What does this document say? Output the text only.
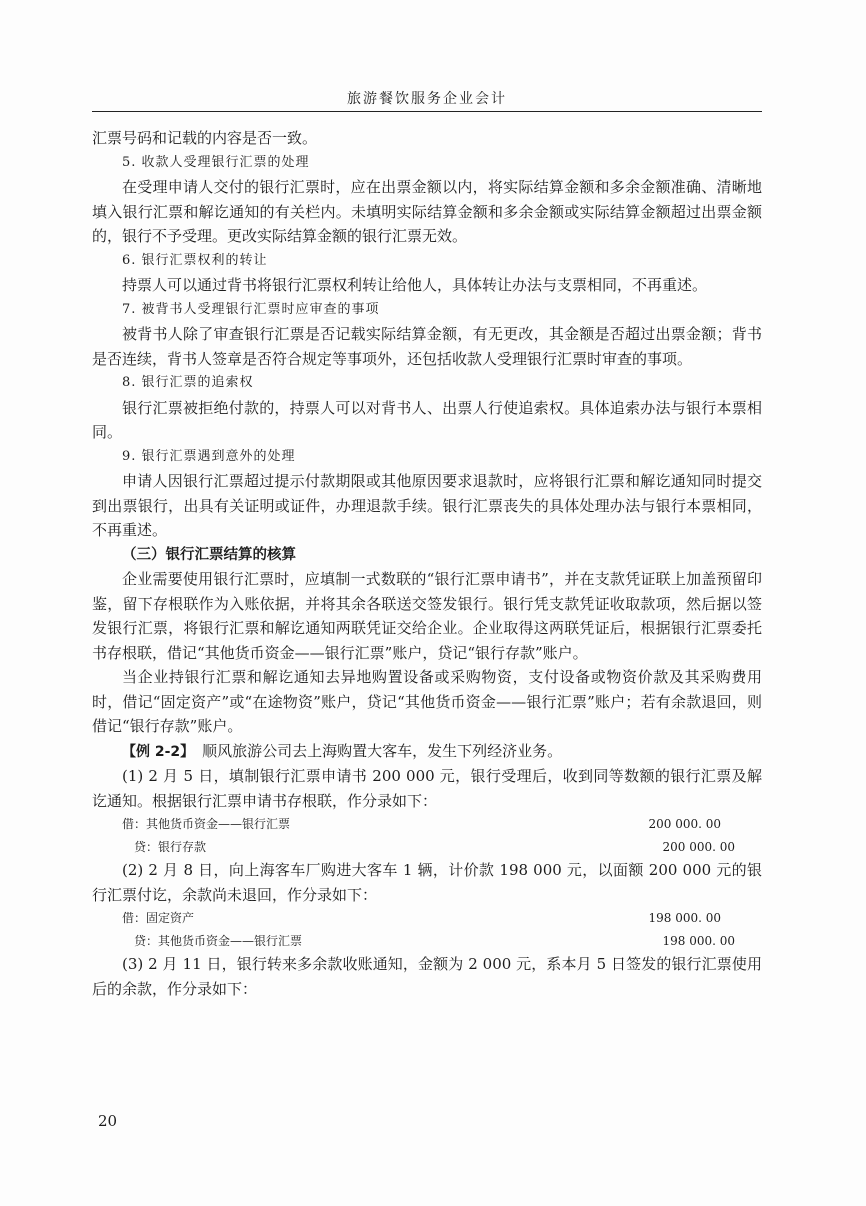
旅游餐饮服务企业会计

汇票号码和记载的内容是否一致。

5. 收款人受理银行汇票的处理

在受理申请人交付的银行汇票时，应在出票金额以内，将实际结算金额和多余金额准确、清晰地填入银行汇票和解讫通知的有关栏内。未填明实际结算金额和多余金额或实际结算金额超过出票金额的，银行不予受理。更改实际结算金额的银行汇票无效。

6. 银行汇票权利的转让

持票人可以通过背书将银行汇票权利转让给他人，具体转让办法与支票相同，不再重述。

7. 被背书人受理银行汇票时应审查的事项

被背书人除了审查银行汇票是否记载实际结算金额，有无更改，其金额是否超过出票金额；背书是否连续，背书人签章是否符合规定等事项外，还包括收款人受理银行汇票时审查的事项。

8. 银行汇票的追索权

银行汇票被拒绝付款的，持票人可以对背书人、出票人行使追索权。具体追索办法与银行本票相同。

9. 银行汇票遇到意外的处理

申请人因银行汇票超过提示付款期限或其他原因要求退款时，应将银行汇票和解讫通知同时提交到出票银行，出具有关证明或证件，办理退款手续。银行汇票丧失的具体处理办法与银行本票相同，不再重述。

（三）银行汇票结算的核算

企业需要使用银行汇票时，应填制一式数联的“银行汇票申请书”，并在支款凭证联上加盖预留印鉴，留下存根联作为入账依据，并将其余各联送交签发银行。银行凭支款凭证收取款项，然后据以签发银行汇票，将银行汇票和解讫通知两联凭证交给企业。企业取得这两联凭证后，根据银行汇票委托书存根联，借记“其他货币资金——银行汇票”账户，贷记“银行存款”账户。

当企业持银行汇票和解讫通知去异地购置设备或采购物资，支付设备或物资价款及其采购费用时，借记“固定资产”或“在途物资”账户，贷记“其他货币资金——银行汇票”账户；若有余款退回，则借记“银行存款”账户。

【例 2-2】　顺风旅游公司去上海购置大客车，发生下列经济业务。

(1) 2 月 5 日，填制银行汇票申请书 200 000 元，银行受理后，收到同等数额的银行汇票及解讫通知。根据银行汇票申请书存根联，作分录如下：

借：其他货币资金——银行汇票	200 000. 00
贷：银行存款	200 000. 00

(2) 2 月 8 日，向上海客车厂购进大客车 1 辆，计价款 198 000 元，以面额 200 000 元的银行汇票付讫，余款尚未退回，作分录如下：

借：固定资产	198 000. 00
贷：其他货币资金——银行汇票	198 000. 00

(3) 2 月 11 日，银行转来多余款收账通知，金额为 2 000 元，系本月 5 日签发的银行汇票使用后的余款，作分录如下：

20
